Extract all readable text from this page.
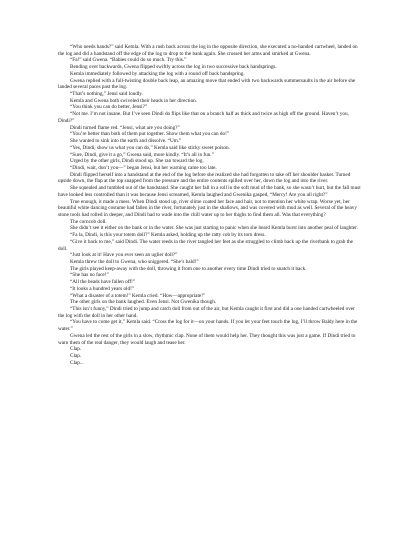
“Who needs hands?” said Kemla. With a rush back across the log in the opposite direction, she executed a no-handed cartwheel, landed on the log and did a handstand off the edge of the log to drop to the bank again. She crossed her arms and smirked at Gwena.

“Fa!” said Gwena. “Babies could do so much. Try this.”

Bending over backwards, Gwena flipped swiftly across the log in two successive back handsprings.

Kemla immediately followed by attacking the log with a round off back handspring.

Gwena replied with a full-twisting double back leap, an amazing move that ended with two backwards summersaults in the air before she landed several paces past the log.

“That’s nothing,” Jensi said loudly.

Kemla and Gwena both swiveled their heads in her direction.

“You think you can do better, Jensi?”

“Not me. I’m not insane. But I’ve seen Dindi do flips like that on a branch half as thick and twice as high off the ground. Haven’t you, Dindi?”

Dindi turned flame red. “Jensi, what are you doing?”

“You’re better than both of them put together. Show them what you can do!”

She wanted to sink into the earth and dissolve. “Um.”

“Yes, Dindi, show us what you can do,” Kemla said like sticky sweet poison.

“Sure, Dindi, give it a go,” Gwena said, more kindly. “It’s all in fun.”

Urged by the other girls, Dindi stood up. She ran toward the log.

“Dindi, wait, don’t you—” began Jensi, but her warning came too late.

Dindi flipped herself into a handstand at the end of the log before she realized she had forgotten to take off her shoulder basket. Turned upside down, the flap at the top snapped from the pressure and the entire contents spilled over her, down the log and into the river.

She squealed and tumbled out of the handstand. She caught her fall in a roll in the soft mud of the bank, so she wasn’t hurt, but the fall must have looked less controlled than it was because Jensi screamed, Kemla laughed and Gwenika gasped, “Mercy! Are you all right?”

True enough, it made a mess. When Dindi stood up, river slime coated her face and hair, not to mention her white wrap. Worse yet, her beautiful white dancing costume had fallen in the river, fortunately just in the shallows, and was covered with mud as well. Several of the heavy stone tools had rolled in deeper, and Dindi had to wade into the chill water up to her thighs to find them all. Was that everything?

The corncob doll.

She didn’t see it either on the bank or in the water. She was just starting to panic when she heard Kemla burst into another peal of laughter.

“Fa la, Dindi, is this your totem doll?” Kemla asked, holding up the ratty cob by its torn dress.

“Give it back to me,” said Dindi. The water reeds in the river tangled her feet as she struggled to climb back up the riverbank to grab the doll.

“Just look at it! Have you ever seen an uglier doll?”

Kemla threw the doll to Gwena, who sniggered. “She’s bald!”

The girls played keep-away with the doll, throwing it from one to another every time Dindi tried to snatch it back.

“She has no face!”

“All the beads have fallen off!”

“It looks a hundred years old!”

“What a disaster of a totem!” Kemla cried. “How—appropriate!”

The other girls on the bank laughed. Even Jensi. Not Gwenika though.

“This isn’t funny,” Dindi tried to jump and catch doll from out of the air, but Kemla caught it first and did a one handed cartwheeled over the log with the doll in her other hand.

“You have to come get it,” Kemla said. “Cross the log for it—on your hands. If you let your feet touch the log, I’ll throw Baldy here in the water.”

Gwena led the rest of the girls in a slow, rhythmic clap. None of them would help her. They thought this was just a game. If Dindi tried to warn them of the real danger, they would laugh and tease her.

Clap.

Clap.

Clap...
